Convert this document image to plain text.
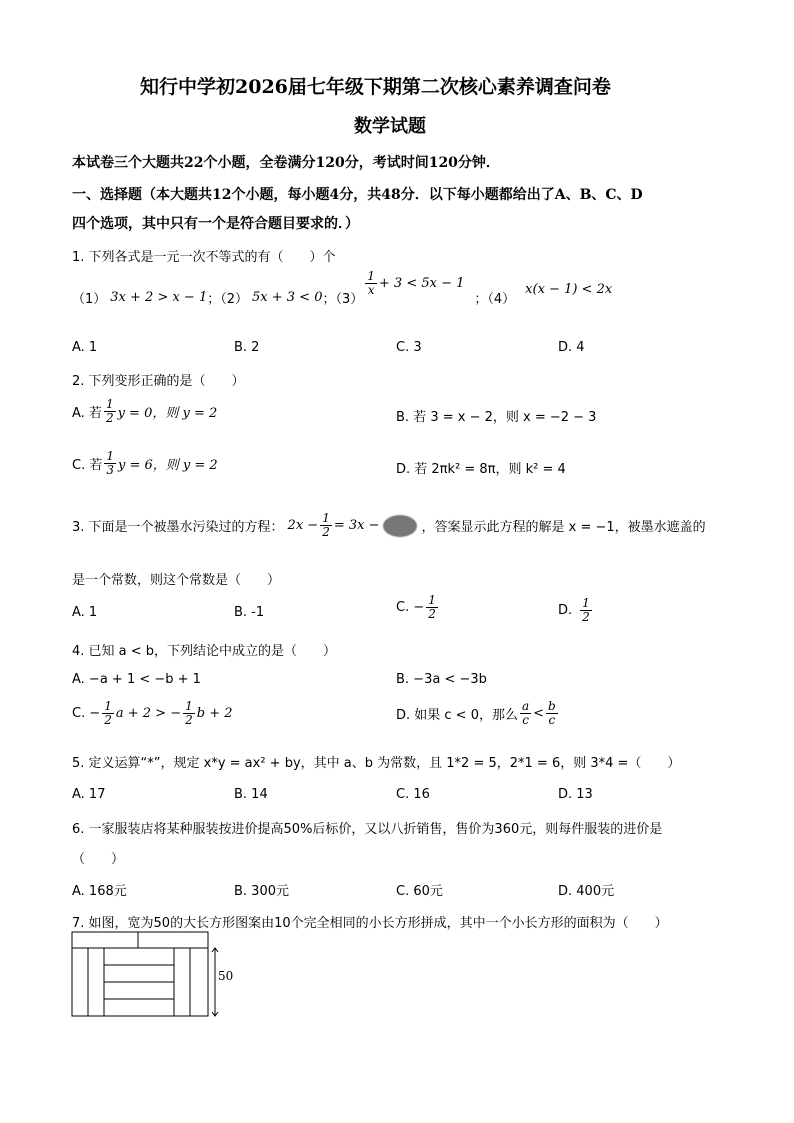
知行中学初2026届七年级下期第二次核心素养调查问卷
数学试题
本试卷三个大题共22个小题，全卷满分120分，考试时间120分钟．
一、选择题（本大题共12个小题，每小题4分，共48分．以下每小题都给出了A、B、C、D
四个选项，其中只有一个是符合题目要求的．）
1. 下列各式是一元一次不等式的有（　　）个
（1） 3x + 2 > x − 1 ；（2） 5x + 3 < 0 ；（3）
$\frac{1}{x} + 3 < 5x - 1$
；（4）
x(x − 1) < 2x
A. 1	B. 2	C. 3	D. 4
2. 下列变形正确的是（　　）
A. 若 $\frac{1}{2}$ y = 0，则 y = 2	B. 若 3 = x − 2，则 x = −2 − 3
C. 若 $\frac{1}{3}$ y = 6，则 y = 2	D. 若 2πk² = 8π，则 k² = 4
3. 下面是一个被墨水污染过的方程： $2x - \frac{1}{2} = 3x$ −	，答案显示此方程的解是 x = −1，被墨水遮盖的
是一个常数，则这个常数是（　　）
A. 1	B. -1	C. − $\frac{1}{2}$	D. $\frac{1}{2}$
4. 已知 a < b，下列结论中成立的是（　　）
A. −a + 1 < −b + 1	B. −3a < −3b
C. − $\frac{1}{2}$ a + 2 > − $\frac{1}{2}$ b + 2	D. 如果 c < 0，那么 $\frac{a}{c} < \frac{b}{c}$
5. 定义运算“*”，规定 x*y = ax² + by，其中 a、b 为常数，且 1*2 = 5，2*1 = 6，则 3*4 =（　　）
A. 17	B. 14	C. 16	D. 13
6. 一家服装店将某种服装按进价提高50%后标价，又以八折销售，售价为360元，则每件服装的进价是
（　　）
A. 168元	B. 300元	C. 60元	D. 400元
7. 如图，宽为50的大长方形图案由10个完全相同的小长方形拼成，其中一个小长方形的面积为（　　）
50
